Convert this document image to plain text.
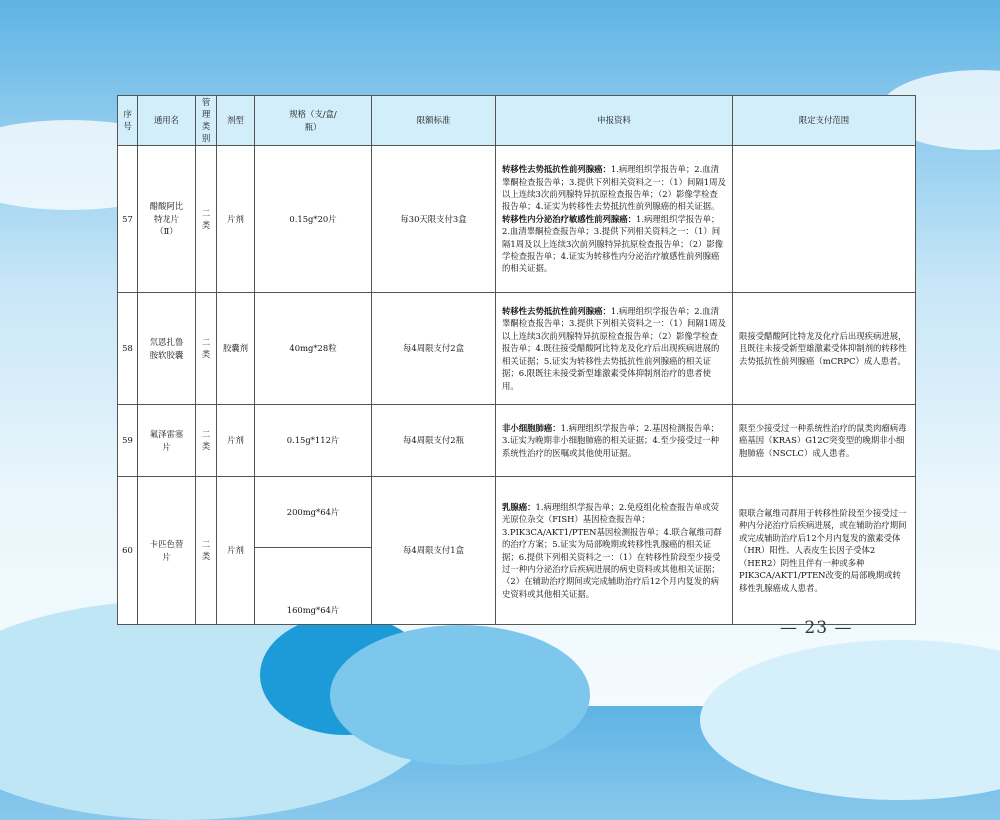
序号	通用名	管理类别	剂型	规格（支/盒/瓶）	限额标准	申报资料	限定支付范围
57	醋酸阿比特龙片（Ⅱ）	二类	片剂	0.15g*20片	每30天限支付3盒	转移性去势抵抗性前列腺癌：1.病理组织学报告单；2.血清睾酮检查报告单；3.提供下列相关资料之一：（1）间隔1周及以上连续3次前列腺特异抗原检查报告单；（2）影像学检查报告单；4.证实为转移性去势抵抗性前列腺癌的相关证据。
转移性内分泌治疗敏感性前列腺癌：1.病理组织学报告单；2.血清睾酮检查报告单；3.提供下列相关资料之一：（1）间隔1周及以上连续3次前列腺特异抗原检查报告单；（2）影像学检查报告单；4.证实为转移性内分泌治疗敏感性前列腺癌的相关证据。	
58	氘恩扎鲁胺软胶囊	二类	胶囊剂	40mg*28粒	每4周限支付2盒	转移性去势抵抗性前列腺癌：1.病理组织学报告单；2.血清睾酮检查报告单；3.提供下列相关资料之一：（1）间隔1周及以上连续3次前列腺特异抗原检查报告单；（2）影像学检查报告单；4.既往接受醋酸阿比特龙及化疗后出现疾病进展的相关证据；5.证实为转移性去势抵抗性前列腺癌的相关证据；6.限既往未接受新型雄激素受体抑制剂治疗的患者使用。	限接受醋酸阿比特龙及化疗后出现疾病进展，且既往未接受新型雄激素受体抑制剂的转移性去势抵抗性前列腺癌（mCRPC）成人患者。
59	氟泽雷塞片	二类	片剂	0.15g*112片	每4周限支付2瓶	非小细胞肺癌：1.病理组织学报告单；2.基因检测报告单；3.证实为晚期非小细胞肺癌的相关证据；4.至少接受过一种系统性治疗的医嘱或其他使用证据。	限至少接受过一种系统性治疗的鼠类肉瘤病毒癌基因（KRAS）G12C突变型的晚期非小细胞肺癌（NSCLC）成人患者。
60	卡匹色替片	二类	片剂	200mg*64片	每4周限支付1盒	乳腺癌：1.病理组织学报告单；2.免疫组化检查报告单或荧光原位杂交（FISH）基因检查报告单；3.PIK3CA/AKT1/PTEN基因检测报告单；4.联合氟维司群的治疗方案；5.证实为局部晚期或转移性乳腺癌的相关证据；6.提供下列相关资料之一：（1）在转移性阶段至少接受过一种内分泌治疗后疾病进展的病史资料或其他相关证据；（2）在辅助治疗期间或完成辅助治疗后12个月内复发的病史资料或其他相关证据。	限联合氟维司群用于转移性阶段至少接受过一种内分泌治疗后疾病进展，或在辅助治疗期间或完成辅助治疗后12个月内复发的激素受体（HR）阳性、人表皮生长因子受体2（HER2）阴性且伴有一种或多种PIK3CA/AKT1/PTEN改变的局部晚期或转移性乳腺癌成人患者。
				160mg*64片			
— 23 —
